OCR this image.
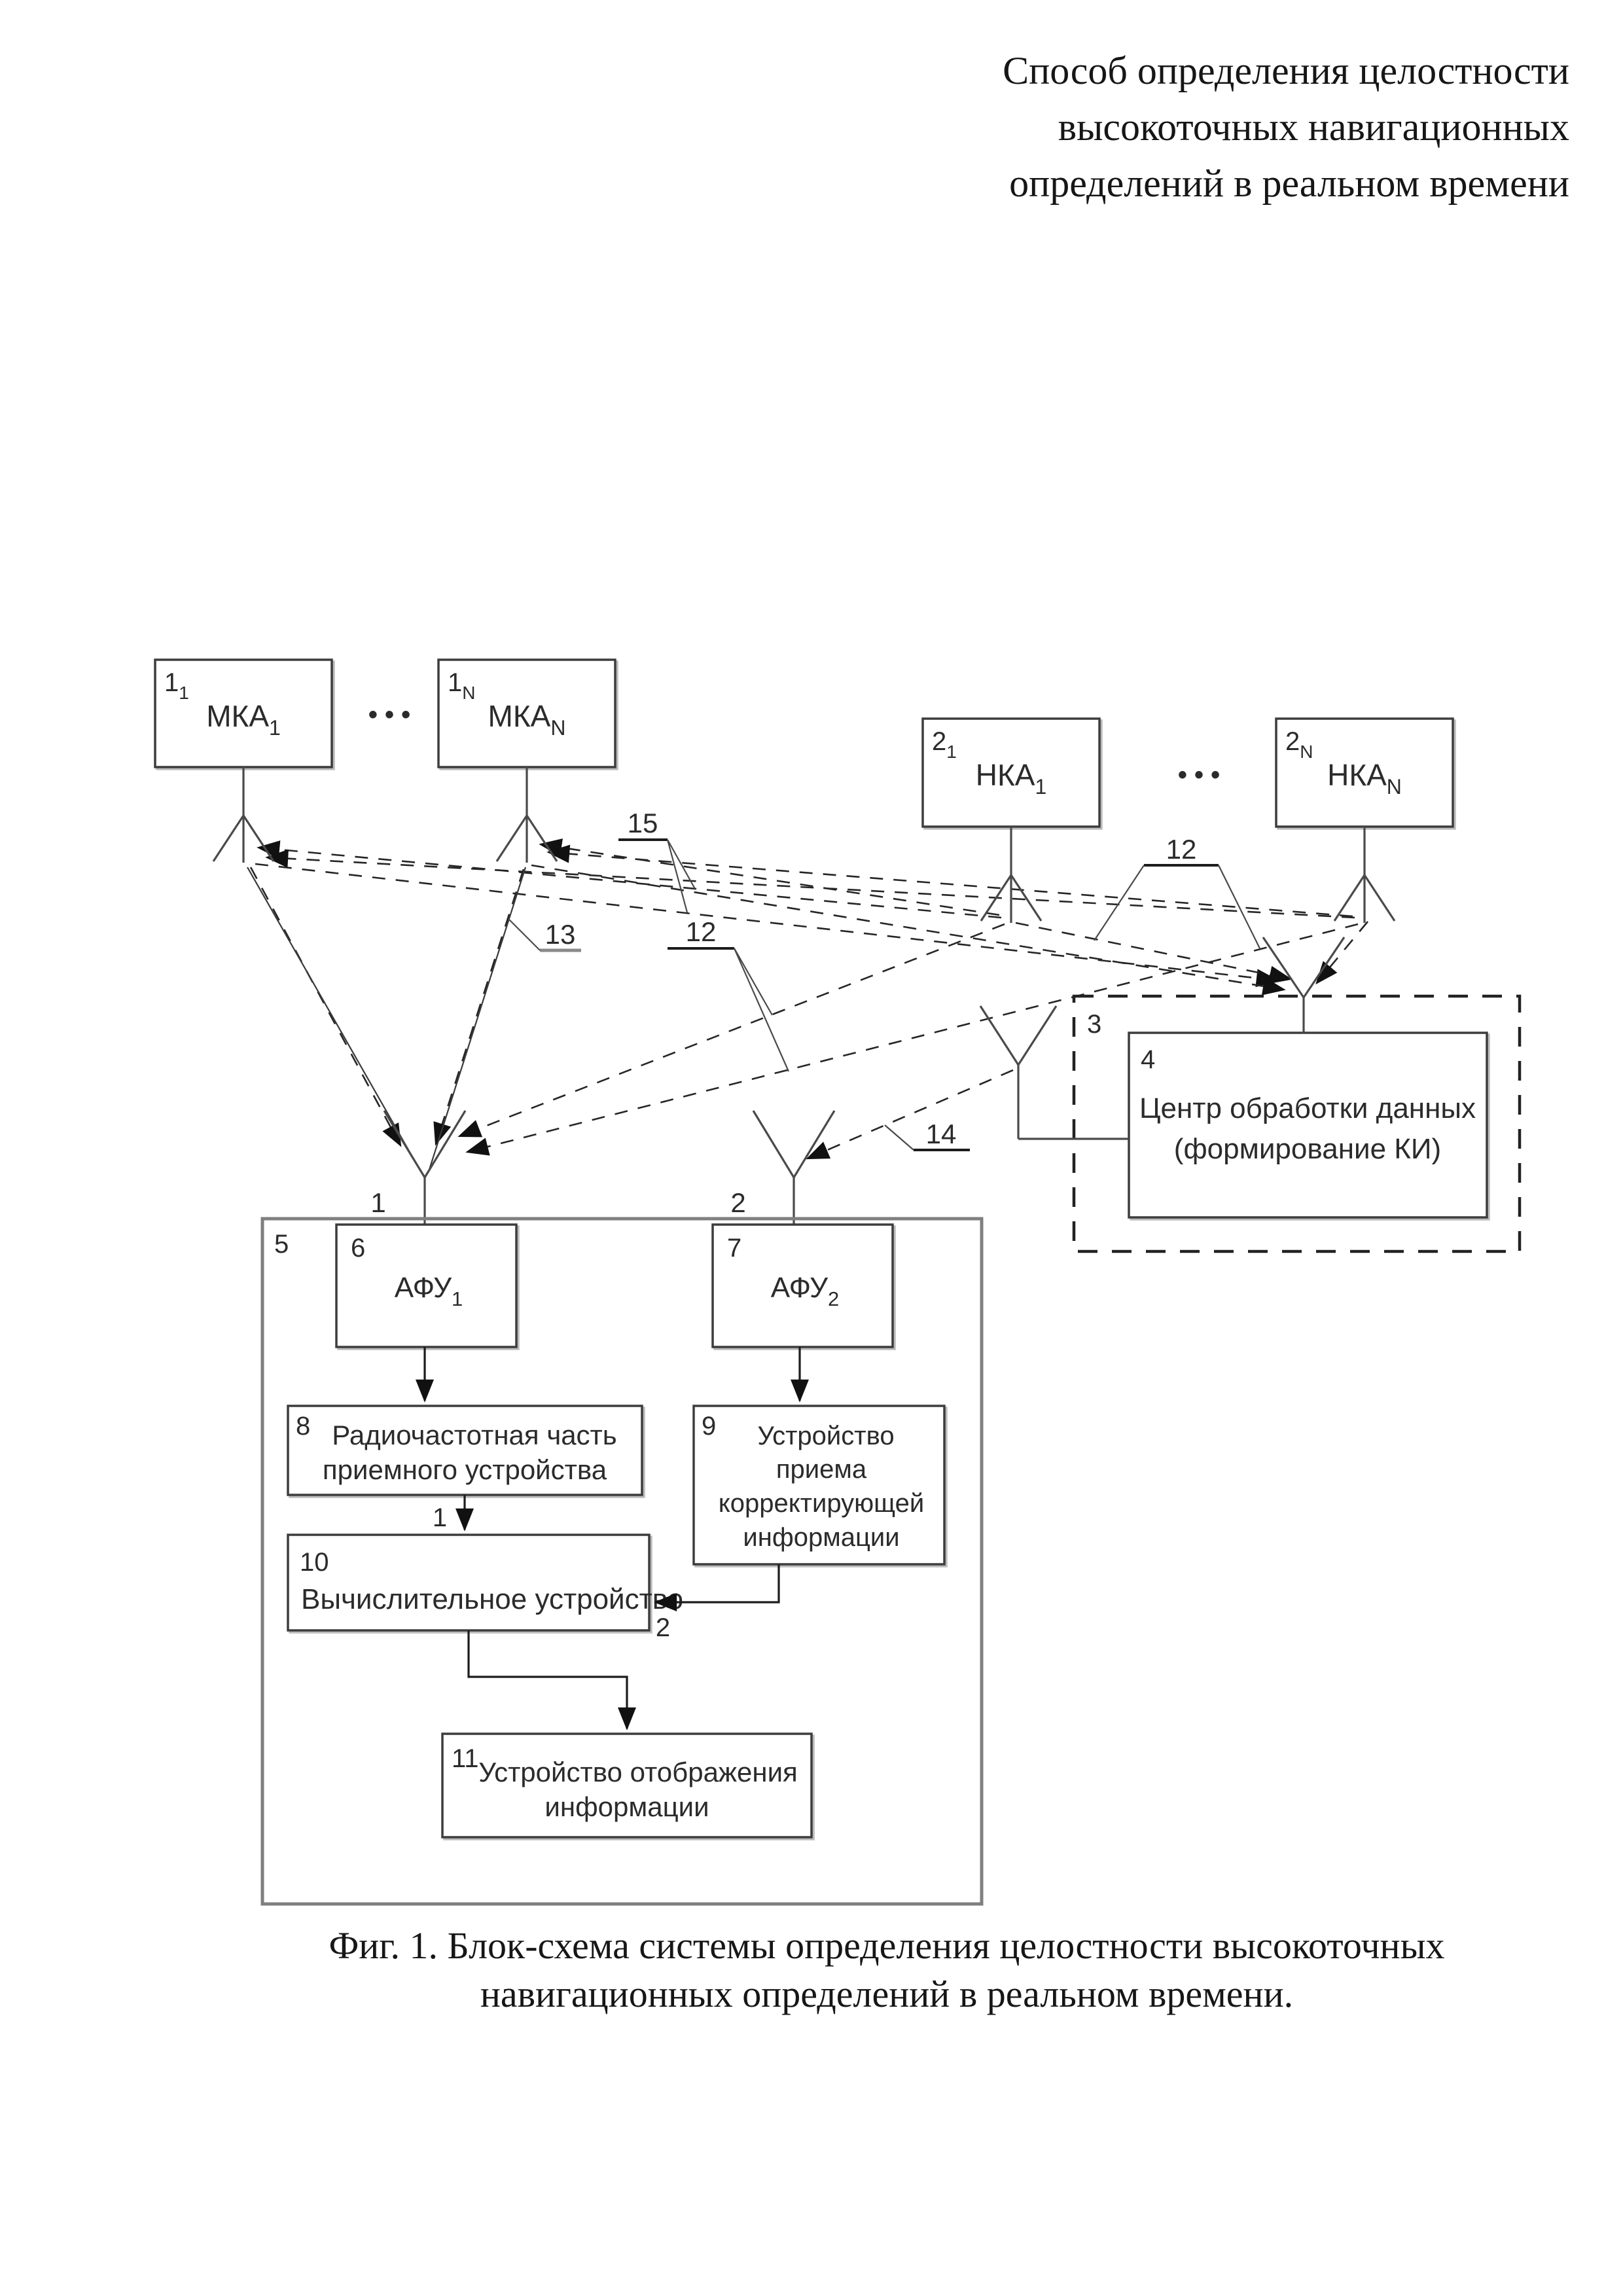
Способ определения целостности
высокоточных навигационных
определений в реальном времени
$1_1$
$МКА_1$	• • •
$1_N$
$МКА_N$	$2_1$
$НКА_1$	• • •
$2_N$
$НКА_N$
15
13	12
12
14
3
4
Центр обработки данных
(формирование КИ)
1	2
5 6
$АФУ_1$
7
$АФУ_2$
8 Радиочастотная часть
приемного устройства
9 Устройство
приема
корректирующей
информации
1
10
Вычислительное устройство
2
11 Устройство отображения
информации
Фиг. 1. Блок-схема системы определения целостности высокоточных
навигационных определений в реальном времени.
